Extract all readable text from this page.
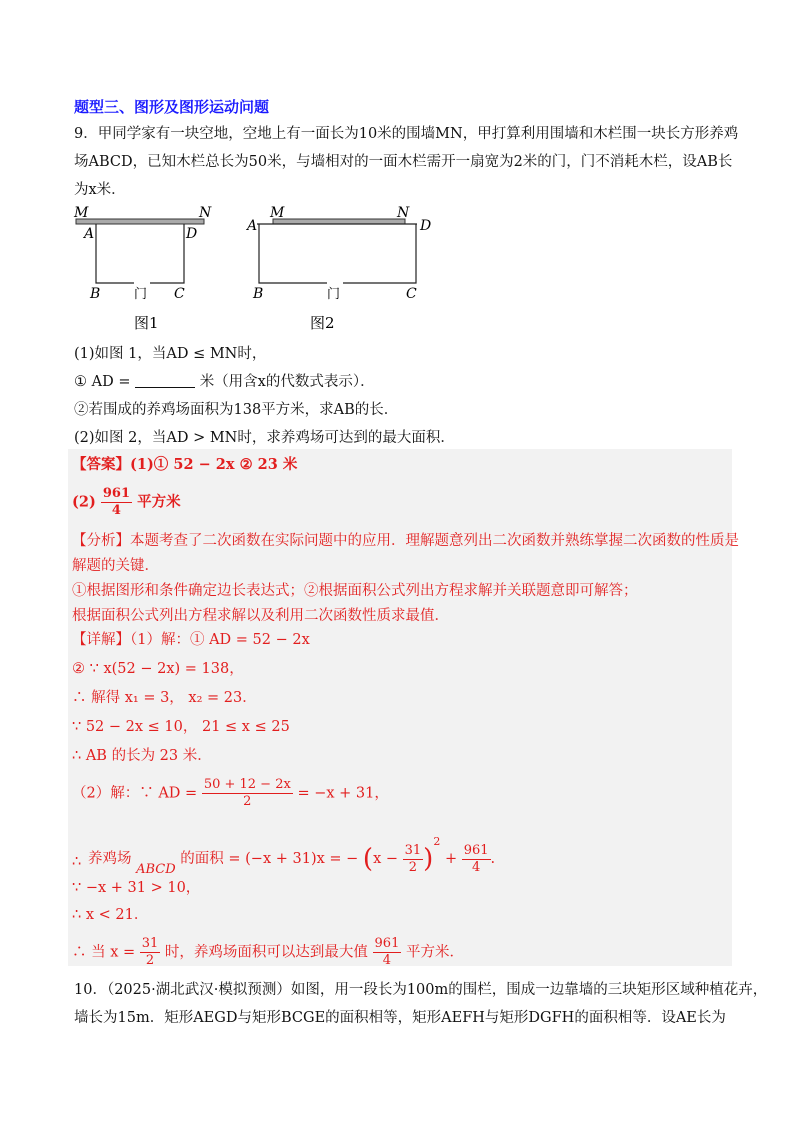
题型三、图形及图形运动问题
9．甲同学家有一块空地，空地上有一面长为10米的围墙MN，甲打算利用围墙和木栏围一块长方形养鸡
场ABCD，已知木栏总长为50米，与墙相对的一面木栏需开一扇宽为2米的门，门不消耗木栏，设AB长
为x米．
M	N
A	D
B	C
门
图1
M	N
A	D
B	C
门
图2
(1)如图 1，当AD ≤ MN时，
① AD =	米（用含x的代数式表示）．
②若围成的养鸡场面积为138平方米，求AB的长．
(2)如图 2，当AD > MN时，求养鸡场可达到的最大面积．
【答案】(1)① 52 − 2x ② 23 米
$(2) \frac{961}{4}$ 平方米
【分析】本题考查了二次函数在实际问题中的应用．理解题意列出二次函数并熟练掌握二次函数的性质是
解题的关键．
①根据图形和条件确定边长表达式；②根据面积公式列出方程求解并关联题意即可解答；
根据面积公式列出方程求解以及利用二次函数性质求最值．
【详解】（1）解：① AD = 52 − 2x
② ∵ x(52 − 2x) = 138，
∴ 解得 x₁ = 3， x₂ = 23．
∵ 52 − 2x ≤ 10， 21 ≤ x ≤ 25
∴ AB 的长为 23 米．
（2）解：∵ AD = $\frac{50 + 12 - 2x}{2} = -x + 31$，
养鸡场 ABCD 的面积 = (−x + 31)x = − $(x - \frac{31}{2} )^2 + \frac{961}{4}$ .
∴
∵ −x + 31 > 10，
∴ x < 21．
∴ 当 $x = \frac{31}{2}$ 时，养鸡场面积可以达到最大值 $\frac{961}{4}$ 平方米．
10．（2025·湖北武汉·模拟预测）如图，用一段长为100m的围栏，围成一边靠墙的三块矩形区域种植花卉，
墙长为15m．矩形AEGD与矩形BCGE的面积相等，矩形AEFH与矩形DGFH的面积相等．设AE长为
